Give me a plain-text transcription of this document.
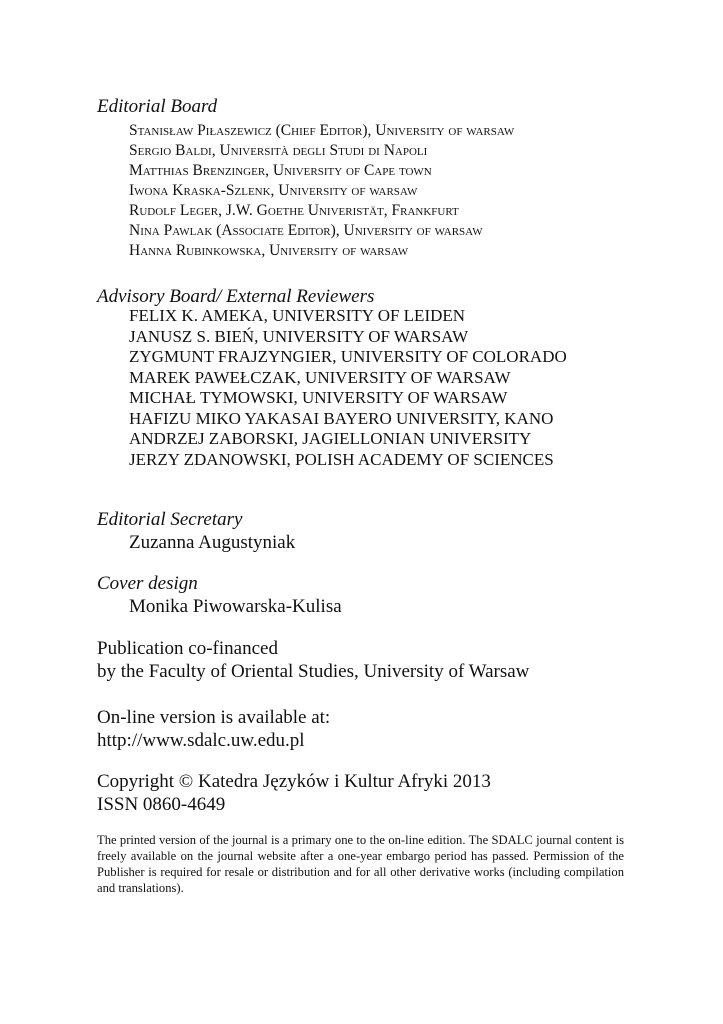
Editorial Board
Stanisław Piłaszewicz (Chief Editor), University of warsaw
Sergio Baldi, Università degli Studi di Napoli
Matthias Brenzinger, University of Cape town
Iwona Kraska-Szlenk, University of warsaw
Rudolf Leger, J.W. Goethe Univeristät, Frankfurt
Nina Pawlak (Associate Editor), University of warsaw
Hanna Rubinkowska, University of warsaw
Advisory Board/ External Reviewers
FELIX K. AMEKA, UNIVERSITY OF LEIDEN
JANUSZ S. BIEŃ, UNIVERSITY OF WARSAW
ZYGMUNT FRAJZYNGIER, UNIVERSITY OF COLORADO
MAREK PAWEŁCZAK, UNIVERSITY OF WARSAW
MICHAŁ TYMOWSKI, UNIVERSITY OF WARSAW
HAFIZU MIKO YAKASAI BAYERO UNIVERSITY, KANO
ANDRZEJ ZABORSKI, JAGIELLONIAN UNIVERSITY
JERZY ZDANOWSKI, POLISH ACADEMY OF SCIENCES
Editorial Secretary

Zuzanna Augustyniak

Cover design

Monika Piwowarska-Kulisa

Publication co-financed
by the Faculty of Oriental Studies, University of Warsaw

On-line version is available at:
http://www.sdalc.uw.edu.pl

Copyright © Katedra Języków i Kultur Afryki 2013
ISSN 0860-4649

The printed version of the journal is a primary one to the on-line edition. The SDALC journal content is freely available on the journal website after a one-year embargo period has passed. Permission of the Publisher is required for resale or distribution and for all other derivative works (including compilation and translations).
